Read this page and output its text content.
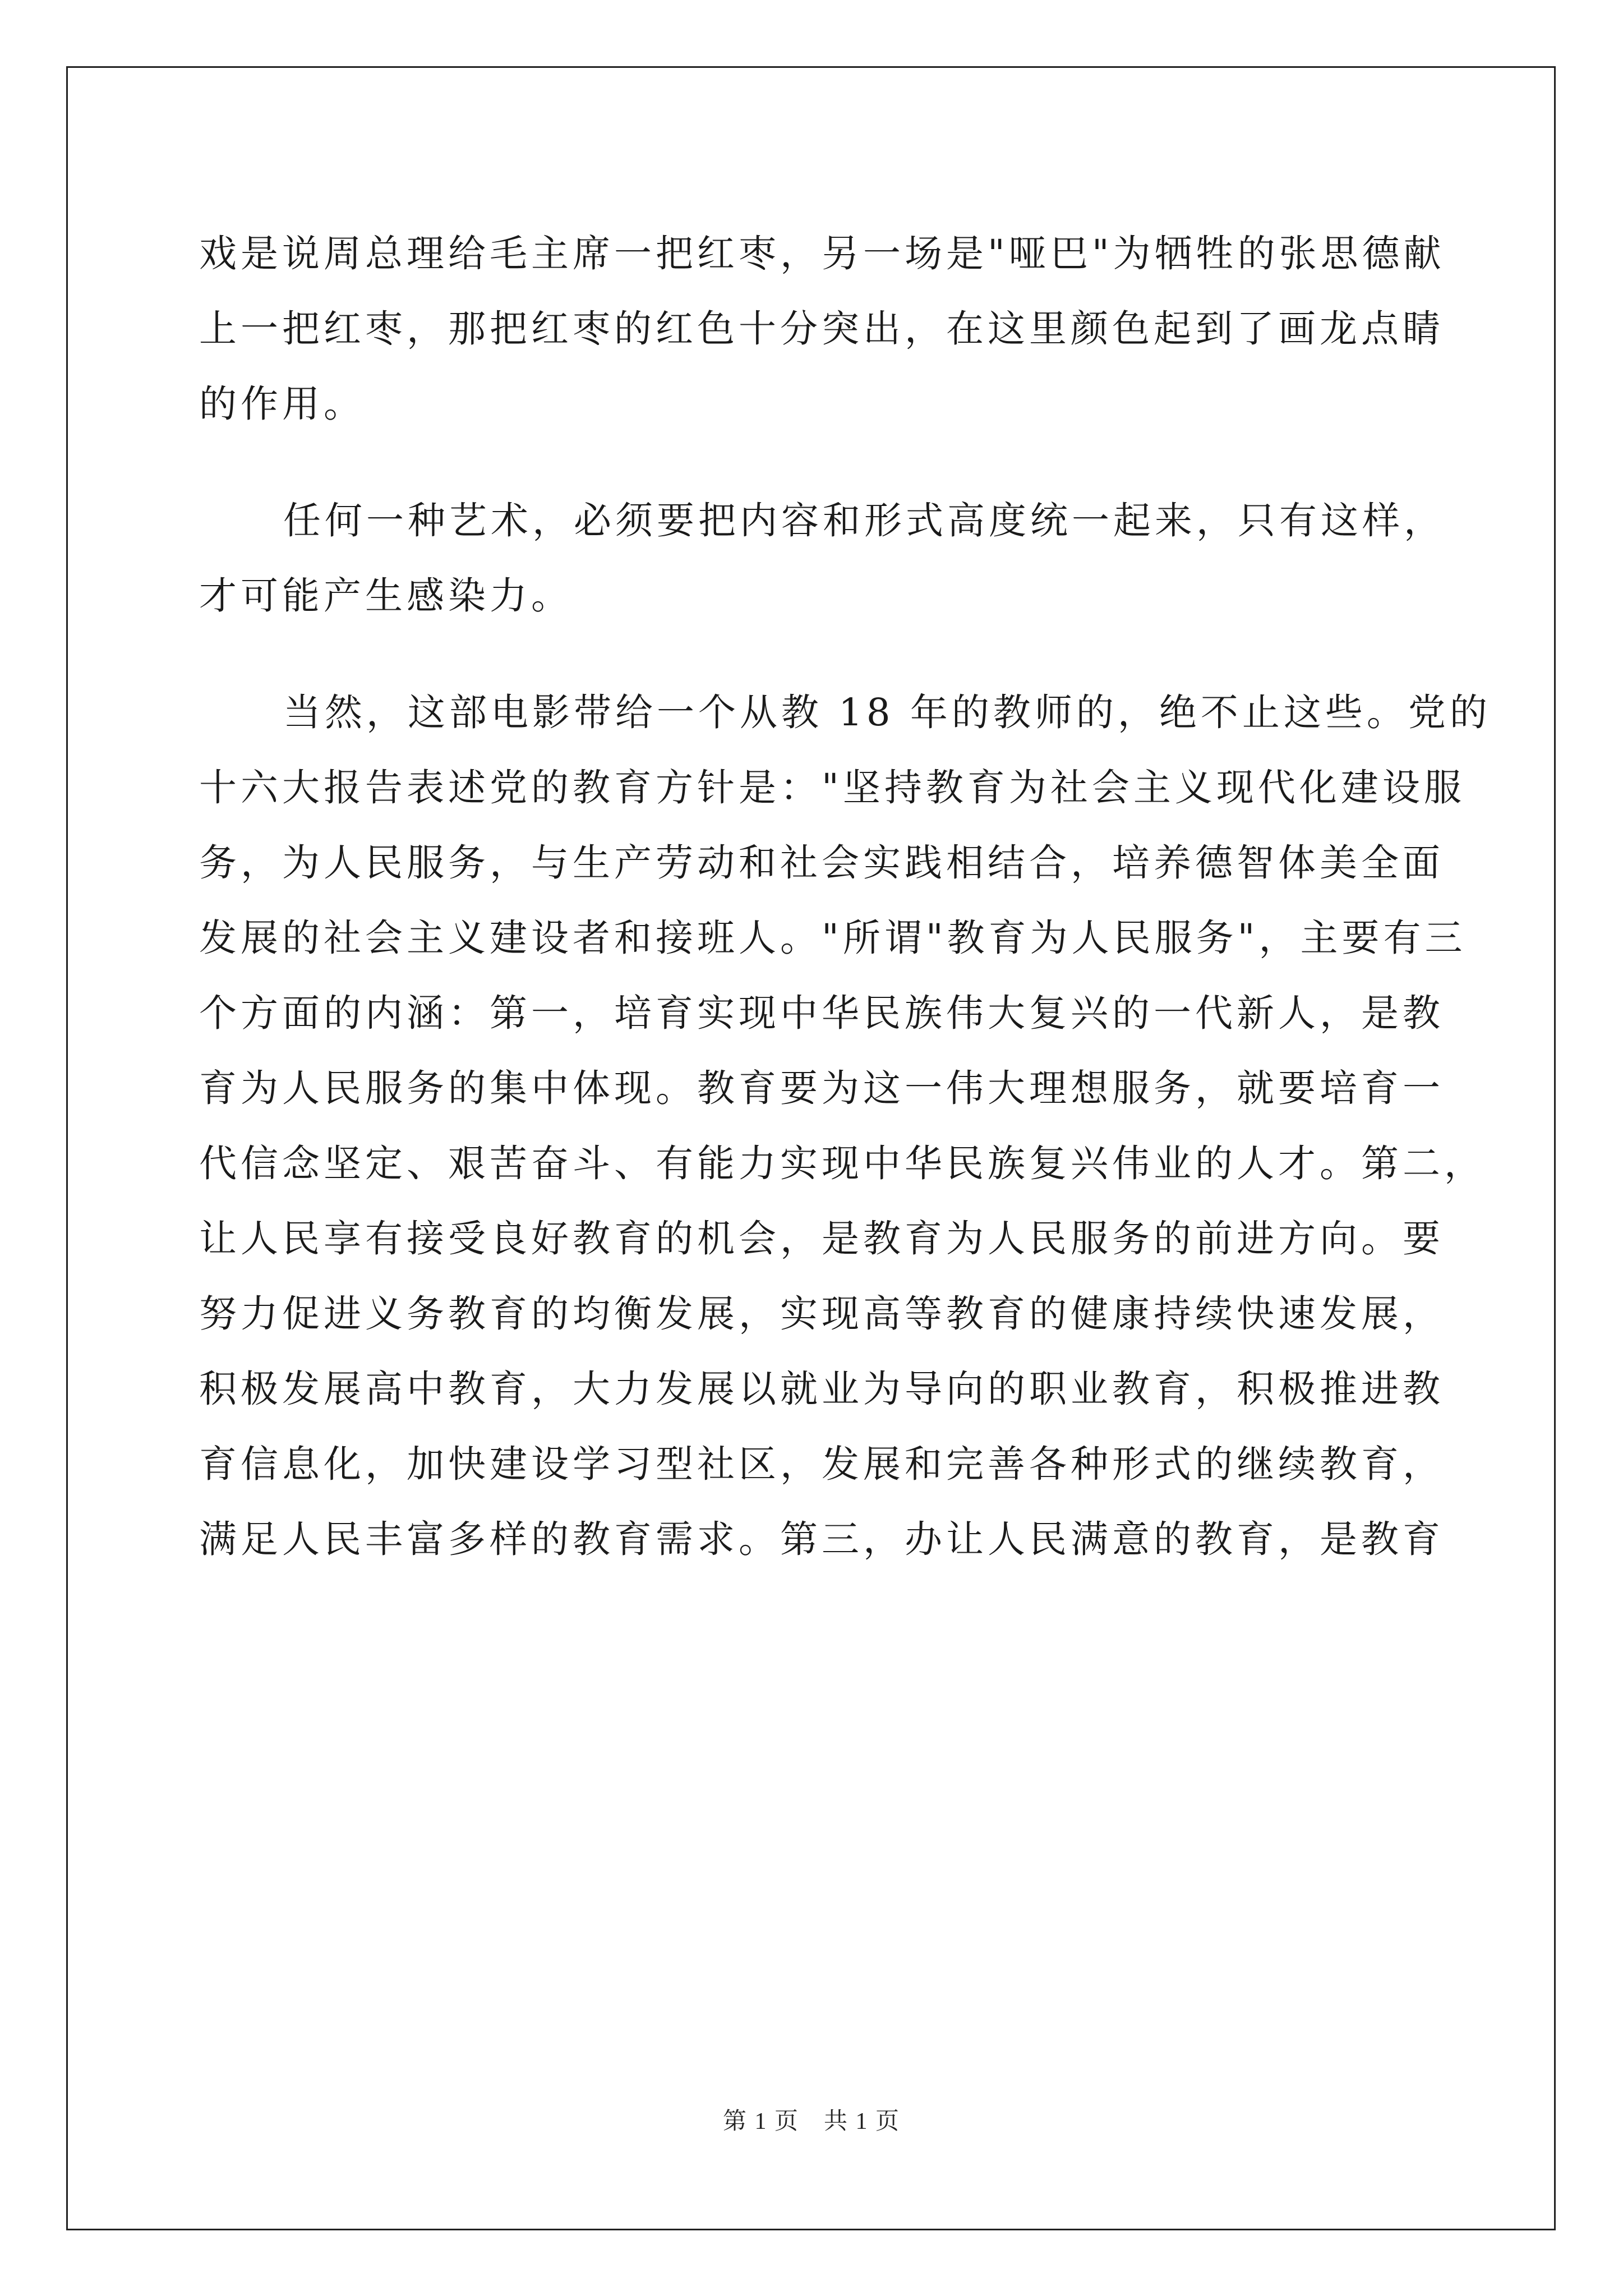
戏是说周总理给毛主席一把红枣，另一场是"哑巴"为牺牲的张思德献
上一把红枣，那把红枣的红色十分突出，在这里颜色起到了画龙点睛
的作用。
任何一种艺术，必须要把内容和形式高度统一起来，只有这样，
才可能产生感染力。
当然，这部电影带给一个从教 18 年的教师的，绝不止这些。党的
十六大报告表述党的教育方针是："坚持教育为社会主义现代化建设服
务，为人民服务，与生产劳动和社会实践相结合，培养德智体美全面
发展的社会主义建设者和接班人。"所谓"教育为人民服务"，主要有三
个方面的内涵：第一，培育实现中华民族伟大复兴的一代新人，是教
育为人民服务的集中体现。教育要为这一伟大理想服务，就要培育一
代信念坚定、艰苦奋斗、有能力实现中华民族复兴伟业的人才。第二，
让人民享有接受良好教育的机会，是教育为人民服务的前进方向。要
努力促进义务教育的均衡发展，实现高等教育的健康持续快速发展，
积极发展高中教育，大力发展以就业为导向的职业教育，积极推进教
育信息化，加快建设学习型社区，发展和完善各种形式的继续教育，
满足人民丰富多样的教育需求。第三，办让人民满意的教育，是教育
第 1 页　共 1 页
